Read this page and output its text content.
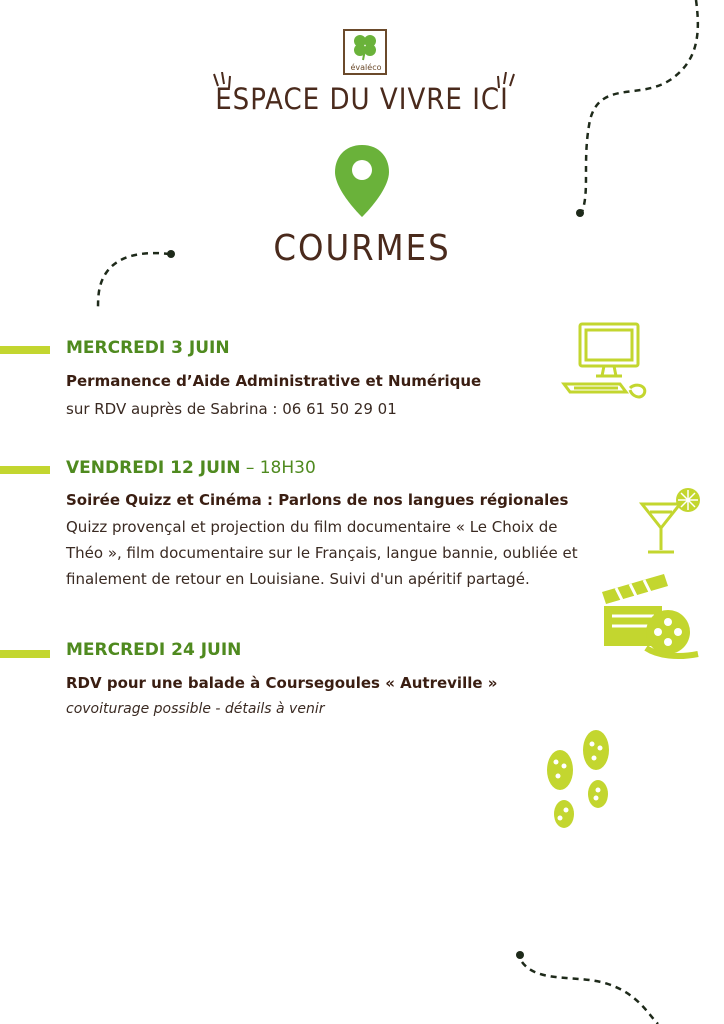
évaléco
ESPACE DU VIVRE ICI
COURMES
MERCREDI 3 JUIN
Permanence d’Aide Administrative et Numérique
sur RDV auprès de Sabrina : 06 61 50 29 01
VENDREDI 12 JUIN – 18H30
Soirée Quizz et Cinéma : Parlons de nos langues régionales
Quizz provençal et projection du film documentaire « Le Choix de
Théo », film documentaire sur le Français, langue bannie, oubliée et
finalement de retour en Louisiane. Suivi d'un apéritif partagé.
MERCREDI 24 JUIN
RDV pour une balade à Coursegoules « Autreville »
covoiturage possible - détails à venir
